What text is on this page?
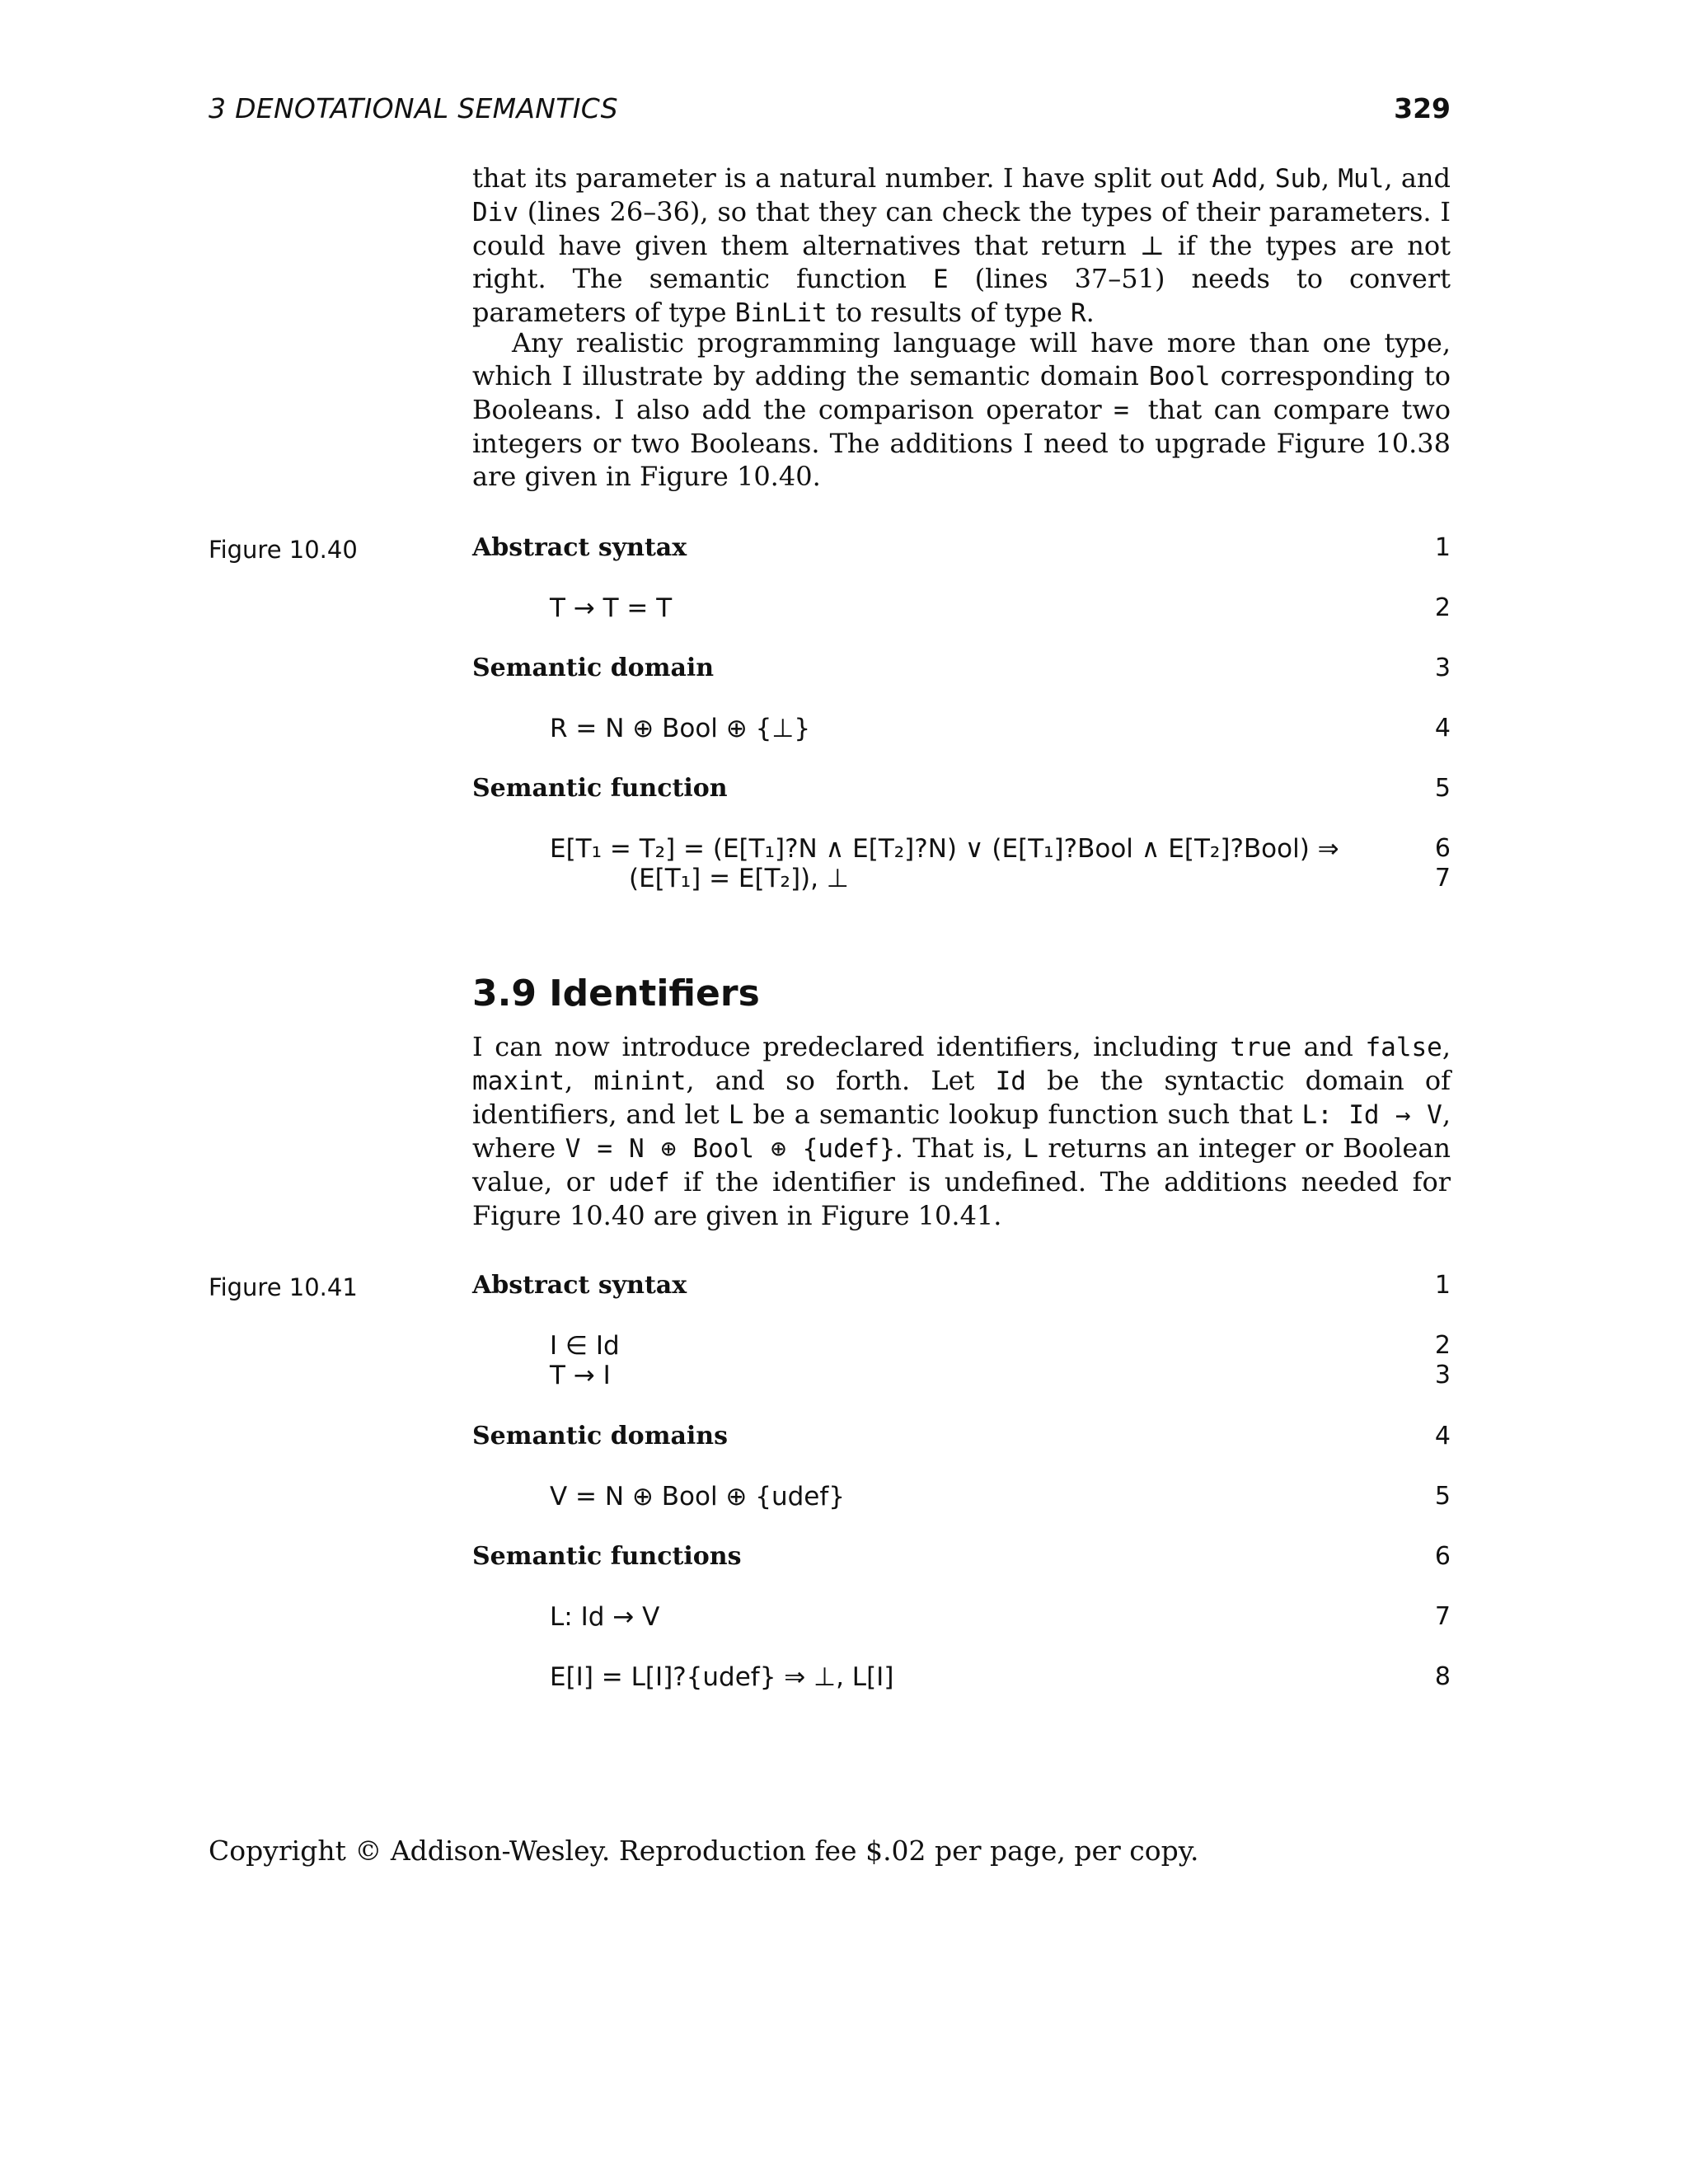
3 DENOTATIONAL SEMANTICS	329
that its parameter is a natural number. I have split out Add, Sub, Mul, and Div (lines 26–36), so that they can check the types of their parameters. I could have given them alternatives that return ⊥ if the types are not right. The semantic function E (lines 37–51) needs to convert parameters of type BinLit to results of type R.
Any realistic programming language will have more than one type, which I illustrate by adding the semantic domain Bool corresponding to Booleans. I also add the comparison operator = that can compare two integers or two Booleans. The additions I need to upgrade Figure 10.38 are given in Figure 10.40.
Figure 10.40	Abstract syntax	1
T → T = T	2
Semantic domain	3
R = N ⊕ Bool ⊕ {⊥}	4
Semantic function	5
E[T₁ = T₂] = (E[T₁]?N ∧ E[T₂]?N) ∨ (E[T₁]?Bool ∧ E[T₂]?Bool) ⇒	6
(E[T₁] = E[T₂]), ⊥	7
3.9 Identifiers
I can now introduce predeclared identifiers, including true and false, maxint, minint, and so forth. Let Id be the syntactic domain of identifiers, and let L be a semantic lookup function such that L: Id → V, where V = N ⊕ Bool ⊕ {udef}. That is, L returns an integer or Boolean value, or udef if the identifier is undefined. The additions needed for Figure 10.40 are given in Figure 10.41.
Figure 10.41	Abstract syntax	1
I ∈ Id	2
T → I	3
Semantic domains	4
V = N ⊕ Bool ⊕ {udef}	5
Semantic functions	6
L: Id → V	7
E[I] = L[I]?{udef} ⇒ ⊥, L[I]	8
Copyright © Addison-Wesley. Reproduction fee $.02 per page, per copy.
